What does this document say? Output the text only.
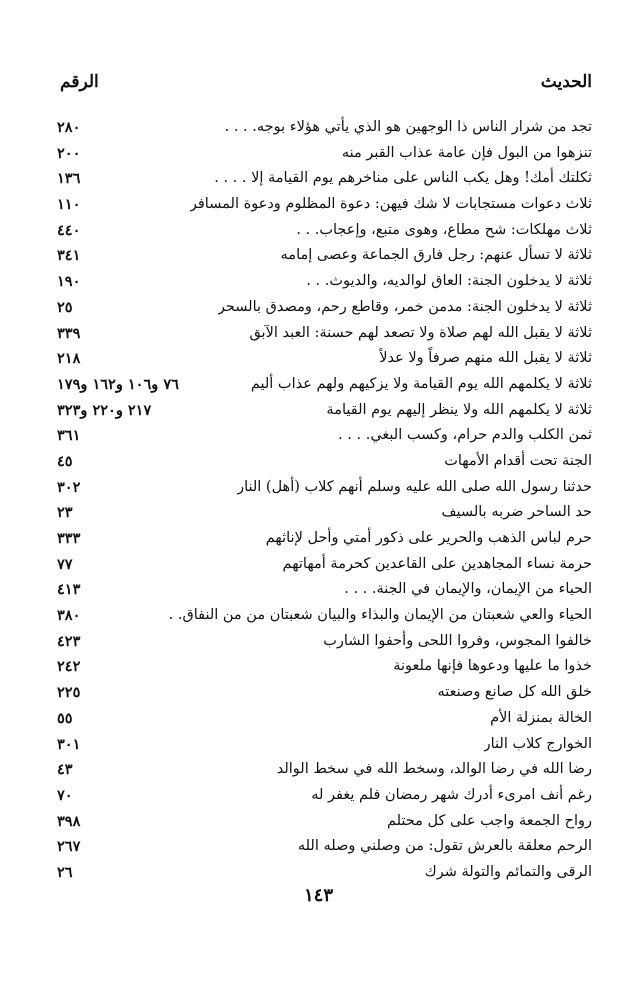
الحديث
الرقم
تجد من شرار الناس ذا الوجهين هو الذي يأتي هؤلاء بوجه. . . .
٢٨٠
تنزهوا من البول فإن عامة عذاب القبر منه
٢٠٠
ثكلتك أمك! وهل يكب الناس على مناخرهم يوم القيامة إلا . . . .
١٣٦
ثلاث دعوات مستجابات لا شك فيهن: دعوة المظلوم ودعوة المسافر
١١٠
ثلاث مهلكات: شح مطاع، وهوى متبع، وإعجاب. . .
٤٤٠
ثلاثة لا تسأل عنهم: رجل فارق الجماعة وعصى إمامه
٣٤١
ثلاثة لا يدخلون الجنة: العاق لوالديه، والديوث. . .
١٩٠
ثلاثة لا يدخلون الجنة: مدمن خمر، وقاطع رحم، ومصدق بالسحر
٢٥
ثلاثة لا يقبل الله لهم صلاة ولا تصعد لهم حسنة: العبد الآبق
٣٣٩
ثلاثة لا يقبل الله منهم صرفاً ولا عدلاً
٢١٨
ثلاثة لا يكلمهم الله يوم القيامة ولا يزكيهم ولهم عذاب أليم
٧٦ و١٠٦ و١٦٢ و١٧٩
ثلاثة لا يكلمهم الله ولا ينظر إليهم يوم القيامة
٢١٧ و٢٢٠ و٣٢٣
ثمن الكلب والدم حرام، وكسب البغي. . . .
٣٦١
الجنة تحت أقدام الأمهات
٤٥
حدثنا رسول الله صلى الله عليه وسلم أنهم كلاب (أهل) النار
٣٠٢
حد الساحر ضربه بالسيف
٢٣
حرم لباس الذهب والحرير على ذكور أمتي وأحل لإناثهم
٣٣٣
حرمة نساء المجاهدين على القاعدين كحرمة أمهاتهم
٧٧
الحياء من الإيمان، والإيمان في الجنة. . . .
٤١٣
الحياء والعي شعبتان من الإيمان والبذاء والبيان شعبتان من من النفاق. .
٣٨٠
خالفوا المجوس، وفروا اللحى وأحفوا الشارب
٤٢٣
خذوا ما عليها ودعوها فإنها ملعونة
٢٤٢
خلق الله كل صانع وصنعته
٢٢٥
الخالة بمنزلة الأم
٥٥
الخوارج كلاب النار
٣٠١
رضا الله في رضا الوالد، وسخط الله في سخط الوالد
٤٣
رغم أنف امرىء أدرك شهر رمضان فلم يغفر له
٧٠
رواح الجمعة واجب على كل محتلم
٣٩٨
الرحم معلقة بالعرش تقول: من وصلني وصله الله
٢٦٧
الرقى والتمائم والتولة شرك
٢٦
١٤٣
